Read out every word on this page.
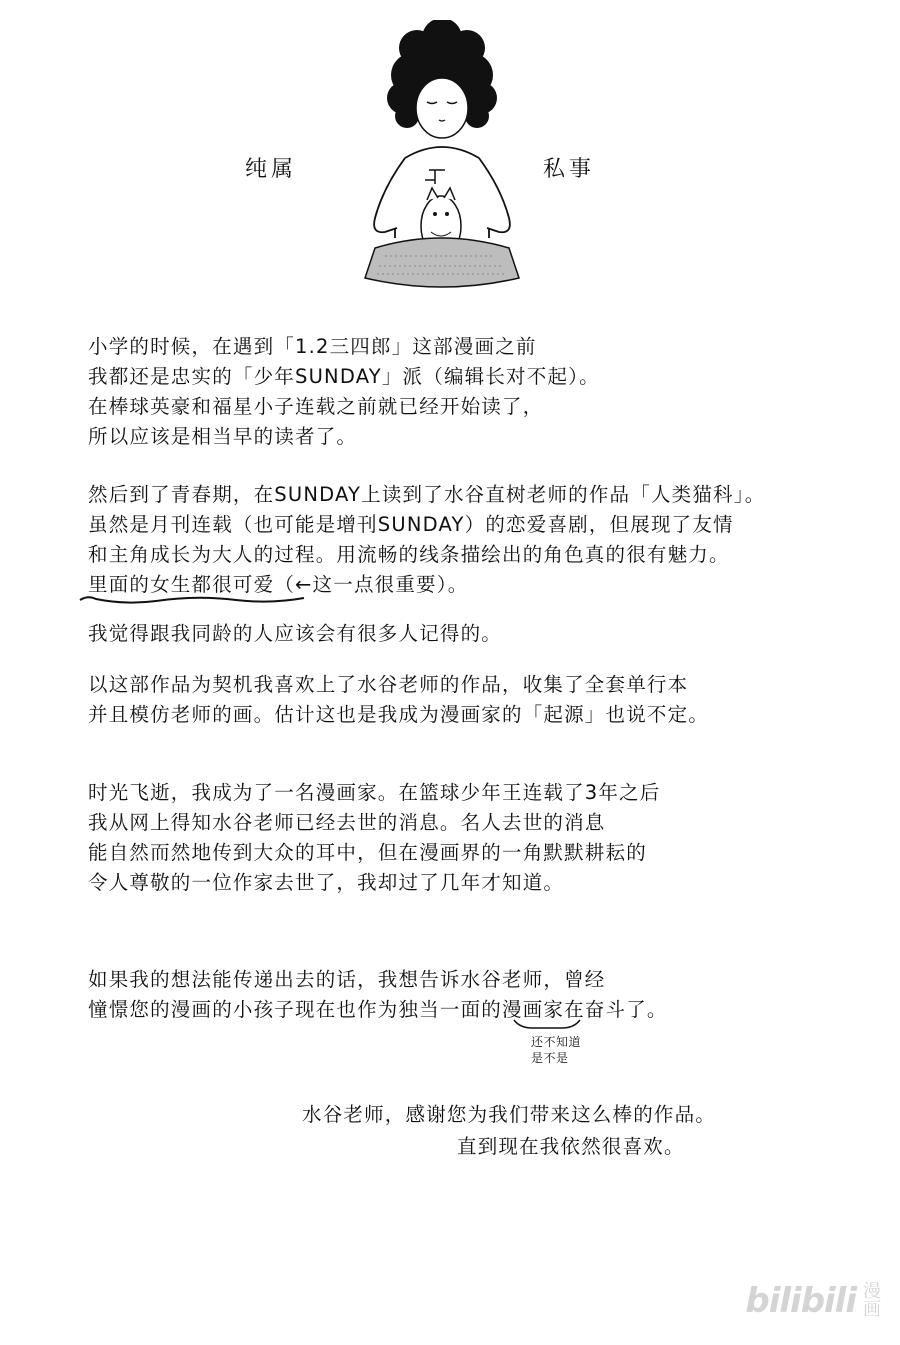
纯属	私事
小学的时候，在遇到「1.2三四郎」这部漫画之前
我都还是忠实的「少年SUNDAY」派（编辑长对不起）。
在棒球英豪和福星小子连载之前就已经开始读了，
所以应该是相当早的读者了。
然后到了青春期，在SUNDAY上读到了水谷直树老师的作品「人类猫科」。
虽然是月刊连载（也可能是增刊SUNDAY）的恋爱喜剧，但展现了友情
和主角成长为大人的过程。用流畅的线条描绘出的角色真的很有魅力。
里面的女生都很可爱
（←这一点很重要）。
我觉得跟我同龄的人应该会有很多人记得的。
以这部作品为契机我喜欢上了水谷老师的作品，收集了全套单行本
并且模仿老师的画。估计这也是我成为漫画家的「起源」也说不定。
时光飞逝，我成为了一名漫画家。在篮球少年王连载了3年之后
我从网上得知水谷老师已经去世的消息。名人去世的消息
能自然而然地传到大众的耳中，但在漫画界的一角默默耕耘的
令人尊敬的一位作家去世了，我却过了几年才知道。
如果我的想法能传递出去的话，我想告诉水谷老师，曾经
憧憬您的漫画的小孩子现在也作为独当一面的漫画家在奋斗了。
还不知道
是不是
水谷老师，感谢您为我们带来这么棒的作品。
直到现在我依然很喜欢。
bilibili 漫画
